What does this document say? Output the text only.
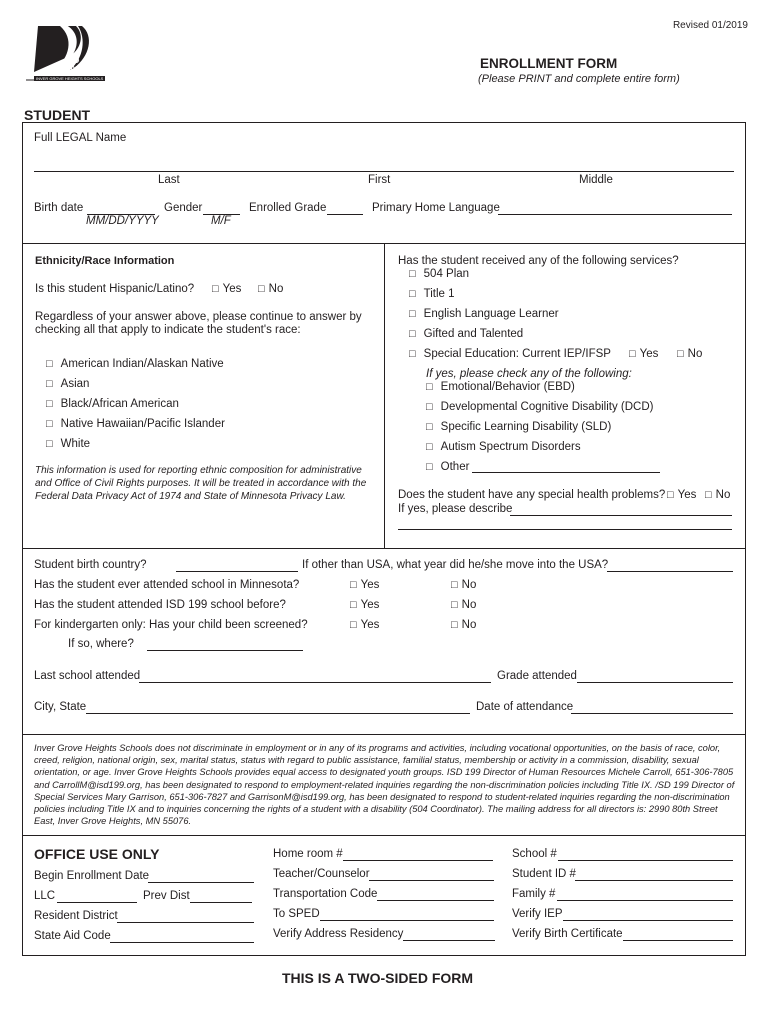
Revised 01/2019
ISD
199
INVER GROVE HEIGHTS SCHOOLS
ENROLLMENT FORM
(Please PRINT and complete entire form)
STUDENT
Full LEGAL Name
Last	First	Middle
Birth date
MM/DD/YYYY
Gender
M/F
Enrolled Grade	Primary Home Language
Ethnicity/Race Information
Is this student Hispanic/Latino? □ Yes □ No
Regardless of your answer above, please continue to answer by
checking all that apply to indicate the student's race:
□ American Indian/Alaskan Native
□ Asian
□ Black/African American
□ Native Hawaiian/Pacific Islander
□ White
This information is used for reporting ethnic composition for administrative and Office of Civil Rights purposes. It will be treated in accordance with the Federal Data Privacy Act of 1974 and State of Minnesota Privacy Law.
Has the student received any of the following services?
□ 504 Plan
□ Title 1
□ English Language Learner
□ Gifted and Talented
□ Special Education: Current IEP/IFSP □ Yes □ No
If yes, please check any of the following:
□ Emotional/Behavior (EBD)
□ Developmental Cognitive Disability (DCD)
□ Specific Learning Disability (SLD)
□ Autism Spectrum Disorders
□ Other
Does the student have any special health problems? □ Yes □ No
If yes, please describe
Student birth country?	If other than USA, what year did he/she move into the USA?
Has the student ever attended school in Minnesota?	□ Yes	□ No
Has the student attended ISD 199 school before?	□ Yes	□ No
For kindergarten only: Has your child been screened?	□ Yes	□ No
If so, where?
Last school attended	Grade attended
City, State	Date of attendance
Inver Grove Heights Schools does not discriminate in employment or in any of its programs and activities, including vocational opportunities, on the basis of race, color, creed, religion, national origin, sex, marital status, status with regard to public assistance, familial status, membership or activity in a commission, disability, sexual orientation, or age. Inver Grove Heights Schools provides equal access to designated youth groups. ISD 199 Director of Human Resources Michele Carroll, 651-306-7805 and CarrollM@isd199.org, has been designated to respond to employment-related inquiries regarding the non-discrimination policies including Title IX. /SD 199 Director of Special Services Mary Garrison, 651-306-7827 and GarrisonM@isd199.org, has been designated to respond to student-related inquiries regarding the non-discrimination policies including Title IX and to inquiries concerning the rights of a student with a disability (504 Coordinator). The mailing address for all directors is: 2990 80th Street East, Inver Grove Heights, MN 55076.
OFFICE USE ONLY
Begin Enrollment Date
LLC	Prev Dist
Resident District
State Aid Code
Home room #
Teacher/Counselor
Transportation Code
To SPED
Verify Address Residency
School #
Student ID #
Family #
Verify IEP
Verify Birth Certificate
THIS IS A TWO-SIDED FORM
